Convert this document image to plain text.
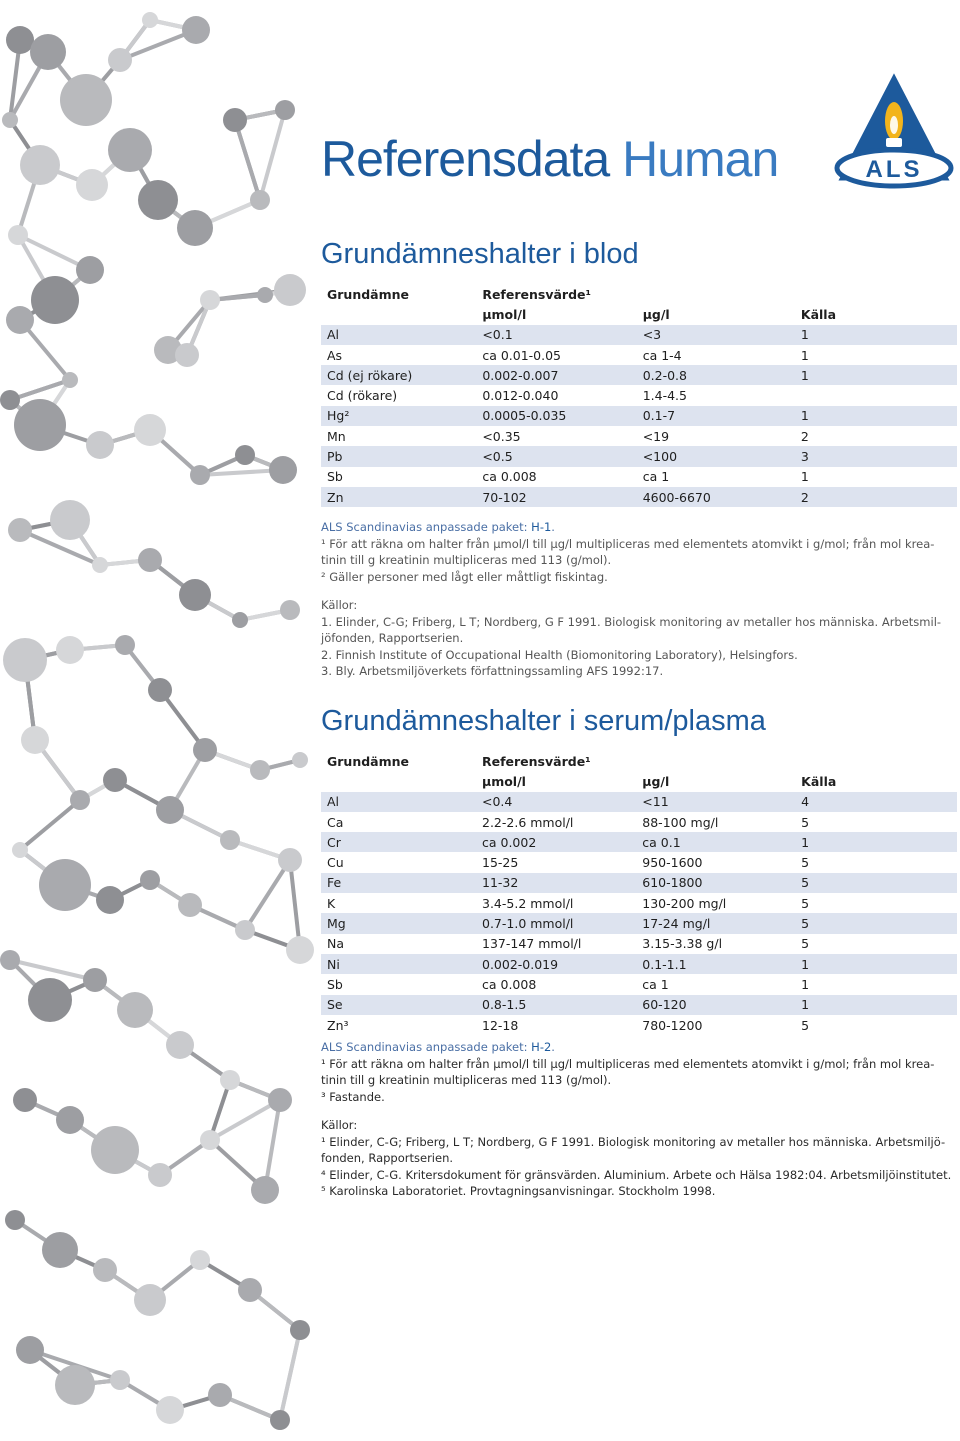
Referensdata Human	ALS
Grundämneshalter i blod
Grundämne	Referensvärde¹		
	µmol/l	µg/l	Källa
Al	<0.1	<3	1
As	ca 0.01-0.05	ca 1-4	1
Cd (ej rökare)	0.002-0.007	0.2-0.8	1
Cd (rökare)	0.012-0.040	1.4-4.5	
Hg²	0.0005-0.035	0.1-7	1
Mn	<0.35	<19	2
Pb	<0.5	<100	3
Sb	ca 0.008	ca 1	1
Zn	70-102	4600-6670	2

ALS Scandinavias anpassade paket: H-1.

¹ För att räkna om halter från µmol/l till µg/l multipliceras med elementets atomvikt i g/mol; från mol krea-

tinin till g kreatinin multipliceras med 113 (g/mol).

² Gäller personer med lågt eller måttligt fiskintag.

Källor:

1. Elinder, C-G; Friberg, L T; Nordberg, G F 1991. Biologisk monitoring av metaller hos människa. Arbetsmil-

jöfonden, Rapportserien.

2. Finnish Institute of Occupational Health (Biomonitoring Laboratory), Helsingfors.

3. Bly. Arbetsmiljöverkets författningssamling AFS 1992:17.

Grundämneshalter i serum/plasma
Grundämne	Referensvärde¹		
	µmol/l	µg/l	Källa
Al	<0.4	<11	4
Ca	2.2-2.6 mmol/l	88-100 mg/l	5
Cr	ca 0.002	ca 0.1	1
Cu	15-25	950-1600	5
Fe	11-32	610-1800	5
K	3.4-5.2 mmol/l	130-200 mg/l	5
Mg	0.7-1.0 mmol/l	17-24 mg/l	5
Na	137-147 mmol/l	3.15-3.38 g/l	5
Ni	0.002-0.019	0.1-1.1	1
Sb	ca 0.008	ca 1	1
Se	0.8-1.5	60-120	1
Zn³	12-18	780-1200	5

ALS Scandinavias anpassade paket: H-2.

¹ För att räkna om halter från µmol/l till µg/l multipliceras med elementets atomvikt i g/mol; från mol krea-

tinin till g kreatinin multipliceras med 113 (g/mol).

³ Fastande.

Källor:

¹ Elinder, C-G; Friberg, L T; Nordberg, G F 1991. Biologisk monitoring av metaller hos människa. Arbetsmiljö-

fonden, Rapportserien.

⁴ Elinder, C-G. Kritersdokument för gränsvärden. Aluminium. Arbete och Hälsa 1982:04. Arbetsmiljöinstitutet.

⁵ Karolinska Laboratoriet. Provtagningsanvisningar. Stockholm 1998.
